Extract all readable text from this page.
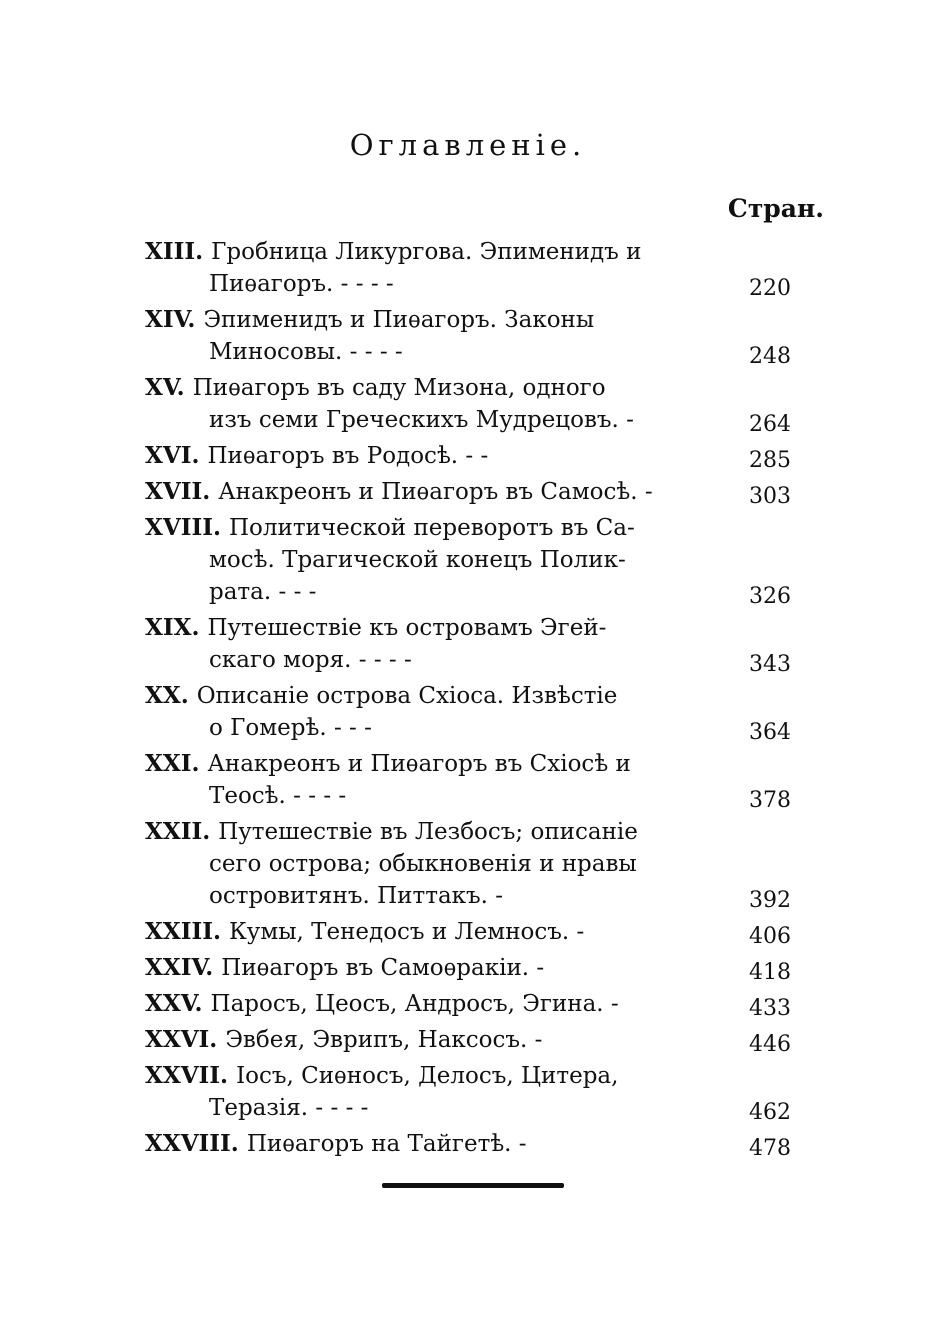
Оглавленіе.
Стран.
XIII. Гробница Ликургова. Эпименидъ и
Пиѳагоръ. - - - -	220
XIV. Эпименидъ и Пиѳагоръ. Законы
Миносовы. - - - -	248
XV. Пиѳагоръ въ саду Мизона, одного
изъ семи Греческихъ Мудрецовъ. -	264
XVI. Пиѳагоръ въ Родосѣ. - -	285
XVII. Анакреонъ и Пиѳагоръ въ Самосѣ. -	303
XVIII. Политической переворотъ въ Са-
мосѣ. Трагической конецъ Полик-
рата. - - -	326
XIX. Путешествіе къ островамъ Эгей-
скаго моря. - - - -	343
XX. Описаніе острова Схіоса. Извѣстіе
о Гомерѣ. - - -	364
XXI. Анакреонъ и Пиѳагоръ въ Схіосѣ и
Теосѣ. - - - -	378
XXII. Путешествіе въ Лезбосъ; описаніе
сего острова; обыкновенія и нравы
островитянъ. Питтакъ. -	392
XXIII. Кумы, Тенедосъ и Лемносъ. -	406
XXIV. Пиѳагоръ въ Самоѳракіи. -	418
XXV. Паросъ, Цеосъ, Андросъ, Эгина. -	433
XXVI. Эвбея, Эврипъ, Наксосъ. -	446
XXVII. Іосъ, Сиѳносъ, Делосъ, Цитера,
Теразія. - - - -	462
XXVIII. Пиѳагоръ на Тайгетѣ. -	478
